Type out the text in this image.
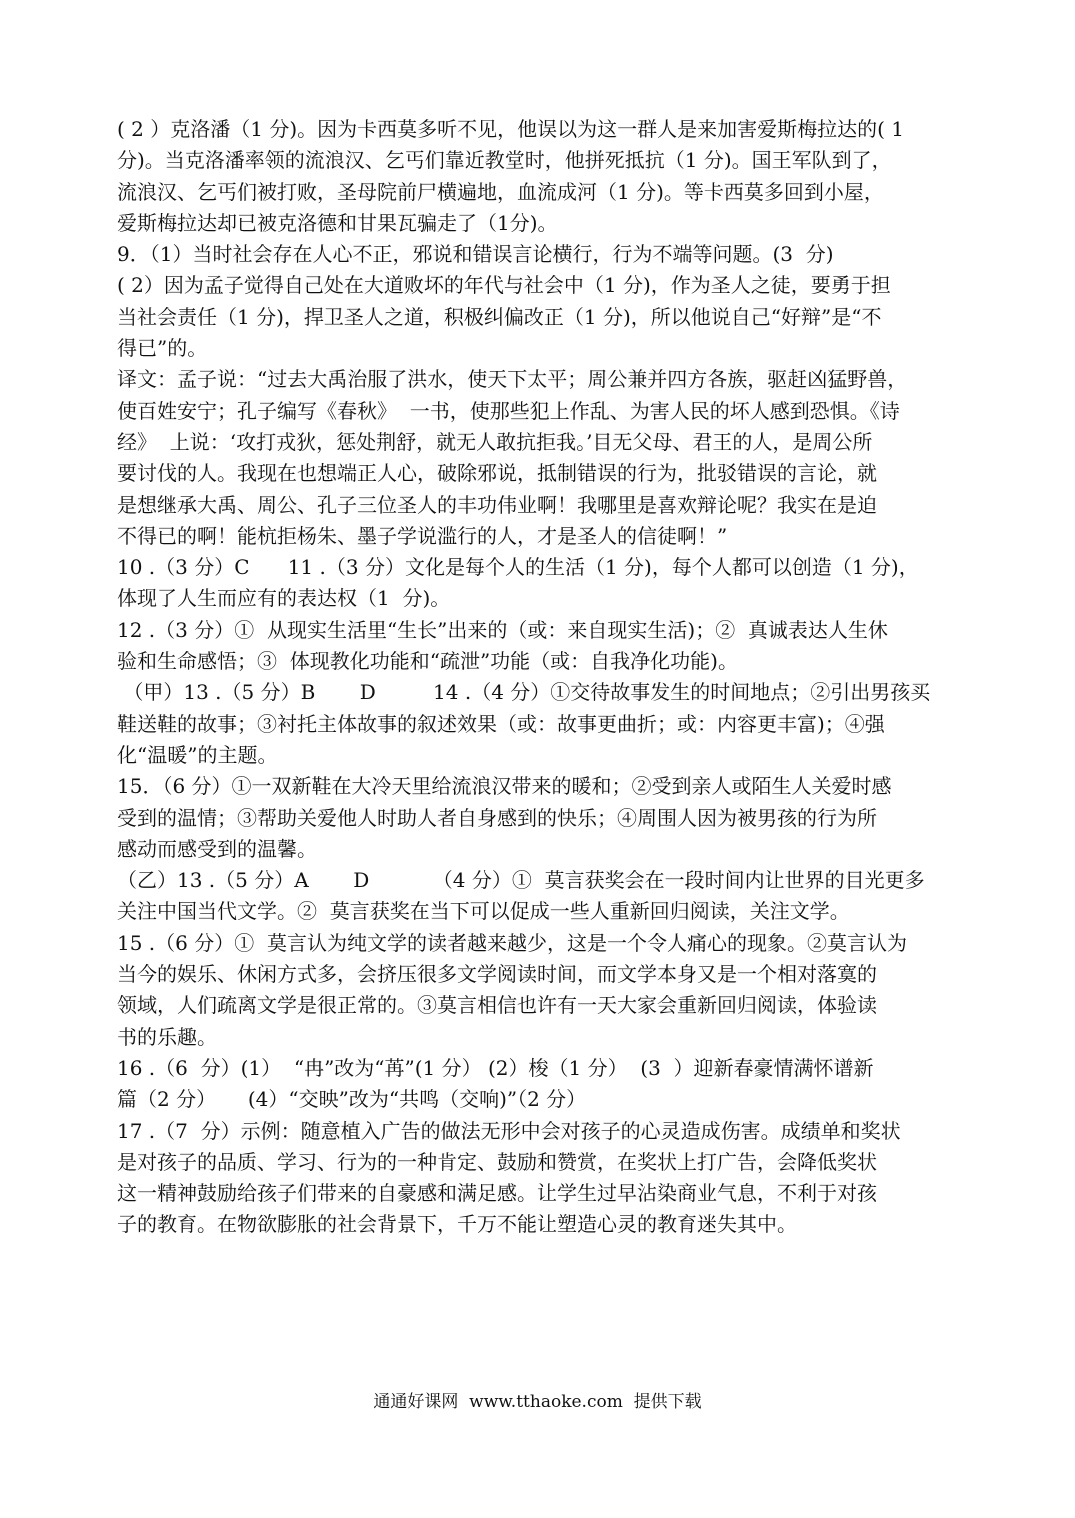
( 2 ）克洛潘（1 分)。因为卡西莫多听不见，他误以为这一群人是来加害爱斯梅拉达的( 1
分)。当克洛潘率领的流浪汉、乞丐们靠近教堂时，他拼死抵抗（1 分)。国王军队到了，
流浪汉、乞丐们被打败，圣母院前尸横遍地，血流成河（1 分)。等卡西莫多回到小屋，
爱斯梅拉达却已被克洛德和甘果瓦骗走了（1分)。
9．（1）当时社会存在人心不正，邪说和错误言论横行，行为不端等问题。(3  分)
( 2）因为孟子觉得自己处在大道败坏的年代与社会中（1 分)，作为圣人之徒，要勇于担
当社会责任（1 分)，捍卫圣人之道，积极纠偏改正（1 分)，所以他说自己“好辩”是“不
得已”的。
译文：孟子说：“过去大禹治服了洪水，使天下太平；周公兼并四方各族，驱赶凶猛野兽，
使百姓安宁；孔子编写《春秋》  一书，使那些犯上作乱、为害人民的坏人感到恐惧。《诗
经》  上说：‘攻打戎狄，惩处荆舒，就无人敢抗拒我。’目无父母、君王的人，是周公所
要讨伐的人。我现在也想端正人心，破除邪说，抵制错误的行为，批驳错误的言论，就
是想继承大禹、周公、孔子三位圣人的丰功伟业啊！我哪里是喜欢辩论呢？我实在是迫
不得已的啊！能杭拒杨朱、墨子学说滥行的人，才是圣人的信徒啊！”
10 .（3 分）C      11 .（3 分）文化是每个人的生活（1 分)，每个人都可以创造（1 分)，
体现了人生而应有的表达权（1  分)。
12 .（3 分）①  从现实生活里“生长”出来的（或：来自现实生活)；②  真诚表达人生休
验和生命感悟；③  体现教化功能和“疏泄”功能（或：自我净化功能)。
（甲）13 .（5 分）B       D         14 .（4 分）①交待故事发生的时间地点；②引出男孩买
鞋送鞋的故事；③衬托主体故事的叙述效果（或：故事更曲折；或：内容更丰富)；④强
化“温暖”的主题。
15．（6 分）①一双新鞋在大冷天里给流浪汉带来的暖和；②受到亲人或陌生人关爱时感
受到的温情；③帮助关爱他人时助人者自身感到的快乐；④周围人因为被男孩的行为所
感动而感受到的温馨。
（乙）13 .（5 分）A       D          （4 分）①  莫言获奖会在一段时间内让世界的目光更多
关注中国当代文学。②  莫言获奖在当下可以促成一些人重新回归阅读，关注文学。
15 .（6 分）①  莫言认为纯文学的读者越来越少，这是一个令人痛心的现象。②莫言认为
当今的娱乐、休闲方式多，会挤压很多文学阅读时间，而文学本身又是一个相对落寞的
领域，人们疏离文学是很正常的。③莫言相信也许有一天大家会重新回归阅读，体验读
书的乐趣。
16 .（6  分）(1）  “冉”改为“苒”(1 分） (2）梭（1 分）  (3  ）迎新春豪情满怀谱新
篇（2 分）     (4）“交映”改为“共鸣（交响)”（2 分）
17 .（7  分）示例：随意植入广告的做法无形中会对孩子的心灵造成伤害。成绩单和奖状
是对孩子的品质、学习、行为的一种肯定、鼓励和赞赏，在奖状上打广告，会降低奖状
这一精神鼓励给孩子们带来的自豪感和满足感。让学生过早沾染商业气息，不利于对孩
子的教育。在物欲膨胀的社会背景下，千万不能让塑造心灵的教育迷失其中。
通通好课网  www.tthaoke.com  提供下载
